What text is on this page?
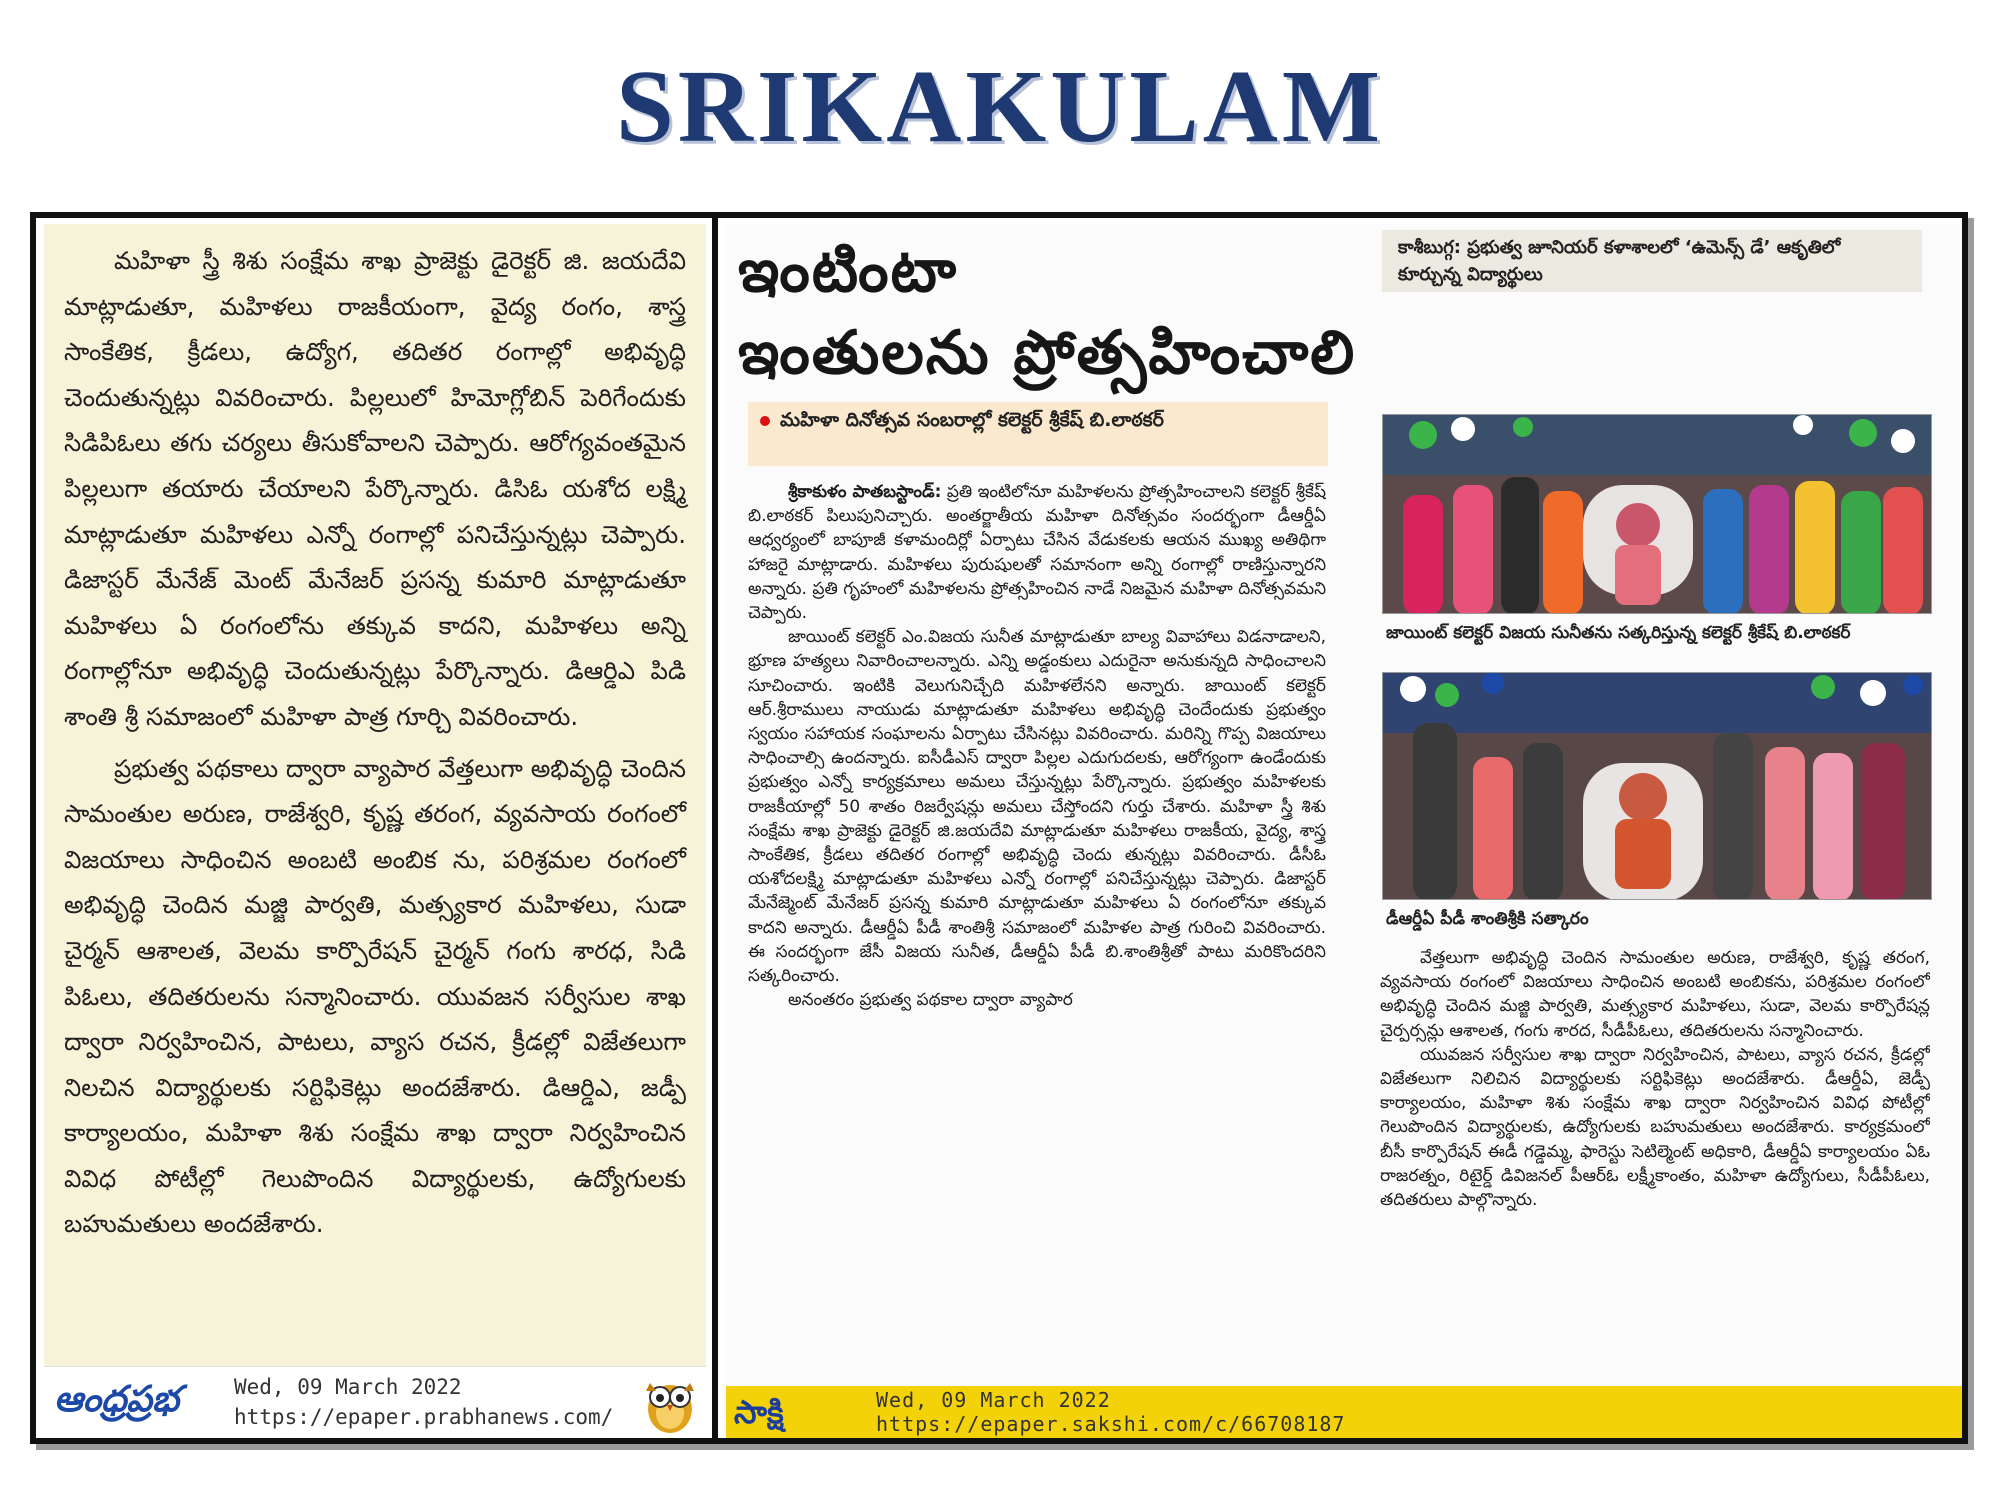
SRIKAKULAM

మహిళా స్త్రీ శిశు సంక్షేమ శాఖ ప్రాజెక్టు డైరెక్టర్ జి. జయదేవి మాట్లాడుతూ, మహిళలు రాజకీయంగా, వైద్య రంగం, శాస్త్ర సాంకేతిక, క్రీడలు, ఉద్యోగ, తదితర రంగాల్లో అభివృద్ధి చెందుతున్నట్లు వివరించారు. పిల్లలులో హిమోగ్లోబిన్ పెరిగేందుకు సిడిపిఓలు తగు చర్యలు తీసుకోవాలని చెప్పారు. ఆరోగ్యవంతమైన పిల్లలుగా తయారు చేయాలని పేర్కొన్నారు. డిసిఓ యశోద లక్ష్మి మాట్లాడుతూ మహిళలు ఎన్నో రంగాల్లో పనిచేస్తున్నట్లు చెప్పారు. డిజాస్టర్ మేనేజ్ మెంట్ మేనేజర్ ప్రసన్న కుమారి మాట్లాడుతూ మహిళలు ఏ రంగంలోను తక్కువ కాదని, మహిళలు అన్ని రంగాల్లోనూ అభివృద్ధి చెందుతున్నట్లు పేర్కొన్నారు. డిఆర్డిఎ పిడి శాంతి శ్రీ సమాజంలో మహిళా పాత్ర గూర్చి వివరించారు.

ప్రభుత్వ పథకాలు ద్వారా వ్యాపార వేత్తలుగా అభివృద్ధి చెందిన సామంతుల అరుణ, రాజేశ్వరి, కృష్ణ తరంగ, వ్యవసాయ రంగంలో విజయాలు సాధించిన అంబటి అంబిక ను, పరిశ్రమల రంగంలో అభివృద్ధి చెందిన మజ్జి పార్వతి, మత్స్యకార మహిళలు, సుడా చైర్మన్ ఆశాలత, వెలమ కార్పొరేషన్ చైర్మన్ గంగు శారధ, సిడి పిఓలు, తదితరులను సన్మానించారు. యువజన సర్వీసుల శాఖ ద్వారా నిర్వహించిన, పాటలు, వ్యాస రచన, క్రీడల్లో విజేతలుగా నిలచిన విద్యార్థులకు సర్టిఫికెట్లు అందజేశారు. డిఆర్డిఎ, జడ్పీ కార్యాలయం, మహిళా శిశు సంక్షేమ శాఖ ద్వారా నిర్వహించిన వివిధ పోటీల్లో గెలుపొందిన విద్యార్థులకు, ఉద్యోగులకు బహుమతులు అందజేశారు.

ఆంధ్రప్రభ	Wed, 09 March 2022
https://epaper.prabhanews.com/
ఇంటింటా
ఇంతులను ప్రోత్సహించాలి
కాశీబుగ్గ: ప్రభుత్వ జూనియర్ కళాశాలలో ‘ఉమెన్స్ డే’ ఆకృతిలో కూర్చున్న విద్యార్థులు
మహిళా దినోత్సవ సంబరాల్లో కలెక్టర్ శ్రీకేష్ బి.లాఠకర్

శ్రీకాకుళం పాతబస్టాండ్: ప్రతి ఇంటిలోనూ మహిళలను ప్రోత్సహించాలని కలెక్టర్ శ్రీకేష్ బి.లాఠకర్ పిలుపునిచ్చారు. అంతర్జాతీయ మహిళా దినోత్సవం సందర్భంగా డీఆర్డీఏ ఆధ్వర్యంలో బాపూజీ కళామందిర్లో ఏర్పాటు చేసిన వేడుకలకు ఆయన ముఖ్య అతిథిగా హాజరై మాట్లాడారు. మహిళలు పురుషులతో సమానంగా అన్ని రంగాల్లో రాణిస్తున్నారని అన్నారు. ప్రతి గృహంలో మహిళలను ప్రోత్సహించిన నాడే నిజమైన మహిళా దినోత్సవమని చెప్పారు.

జాయింట్ కలెక్టర్ ఎం.విజయ సునీత మాట్లాడుతూ బాల్య వివాహాలు విడనాడాలని, భ్రూణ హత్యలు నివారించాలన్నారు. ఎన్ని అడ్డంకులు ఎదురైనా అనుకున్నది సాధించాలని సూచించారు. ఇంటికి వెలుగునిచ్చేది మహిళలేనని అన్నారు. జాయింట్ కలెక్టర్ ఆర్.శ్రీరాములు నాయుడు మాట్లాడుతూ మహిళలు అభివృద్ధి చెందేందుకు ప్రభుత్వం స్వయం సహాయక సంఘాలను ఏర్పాటు చేసినట్లు వివరించారు. మరిన్ని గొప్ప విజయాలు సాధించాల్సి ఉందన్నారు. ఐసీడీఎస్ ద్వారా పిల్లల ఎదుగుదలకు, ఆరోగ్యంగా ఉండేందుకు ప్రభుత్వం ఎన్నో కార్యక్రమాలు అమలు చేస్తున్నట్లు పేర్కొన్నారు. ప్రభుత్వం మహిళలకు రాజకీయాల్లో 50 శాతం రిజర్వేషన్లు అమలు చేస్తోందని గుర్తు చేశారు. మహిళా స్త్రీ శిశు సంక్షేమ శాఖ ప్రాజెక్టు డైరెక్టర్ జి.జయదేవి మాట్లాడుతూ మహిళలు రాజకీయ, వైద్య, శాస్త్ర సాంకేతిక, క్రీడలు తదితర రంగాల్లో అభివృద్ధి చెందు తున్నట్లు వివరించారు. డీసీఓ యశోదలక్ష్మి మాట్లాడుతూ మహిళలు ఎన్నో రంగాల్లో పనిచేస్తున్నట్లు చెప్పారు. డిజాస్టర్ మేనేజ్మెంట్ మేనేజర్ ప్రసన్న కుమారి మాట్లాడుతూ మహిళలు ఏ రంగంలోనూ తక్కువ కాదని అన్నారు. డీఆర్డీఏ పీడీ శాంతిశ్రీ సమాజంలో మహిళల పాత్ర గురించి వివరించారు. ఈ సందర్భంగా జేసీ విజయ సునీత, డీఆర్డీఏ పీడీ బి.శాంతిశ్రీతో పాటు మరికొందరిని సత్కరించారు.

అనంతరం ప్రభుత్వ పథకాల ద్వారా వ్యాపార

జాయింట్ కలెక్టర్ విజయ సునీతను సత్కరిస్తున్న కలెక్టర్ శ్రీకేష్ బి.లాఠకర్
డీఆర్డీఏ పీడీ శాంతిశ్రీకి సత్కారం

వేత్తలుగా అభివృద్ధి చెందిన సామంతుల అరుణ, రాజేశ్వరి, కృష్ణ తరంగ, వ్యవసాయ రంగంలో విజయాలు సాధించిన అంబటి అంబికను, పరిశ్రమల రంగంలో అభివృద్ధి చెందిన మజ్జి పార్వతి, మత్స్యకార మహిళలు, సుడా, వెలమ కార్పొరేషన్ల చైర్పర్సన్లు ఆశాలత, గంగు శారద, సీడీపీఓలు, తదితరులను సన్మానించారు.

యువజన సర్వీసుల శాఖ ద్వారా నిర్వహించిన, పాటలు, వ్యాస రచన, క్రీడల్లో విజేతలుగా నిలిచిన విద్యార్థులకు సర్టిఫికెట్లు అందజేశారు. డీఆర్డీఏ, జెడ్పీ కార్యాలయం, మహిళా శిశు సంక్షేమ శాఖ ద్వారా నిర్వహించిన వివిధ పోటీల్లో గెలుపొందిన విద్యార్థులకు, ఉద్యోగులకు బహుమతులు అందజేశారు. కార్యక్రమంలో బీసీ కార్పొరేషన్ ఈడీ గడ్డెమ్మ, ఫారెస్టు సెటిల్మెంట్ అధికారి, డీఆర్డీఏ కార్యాలయం ఏఓ రాజరత్నం, రిటైర్డ్ డివిజనల్ పీఆర్ఓ లక్ష్మీకాంతం, మహిళా ఉద్యోగులు, సీడీపీఓలు, తదితరులు పాల్గొన్నారు.

సాక్షి	Wed, 09 March 2022
https://epaper.sakshi.com/c/66708187
